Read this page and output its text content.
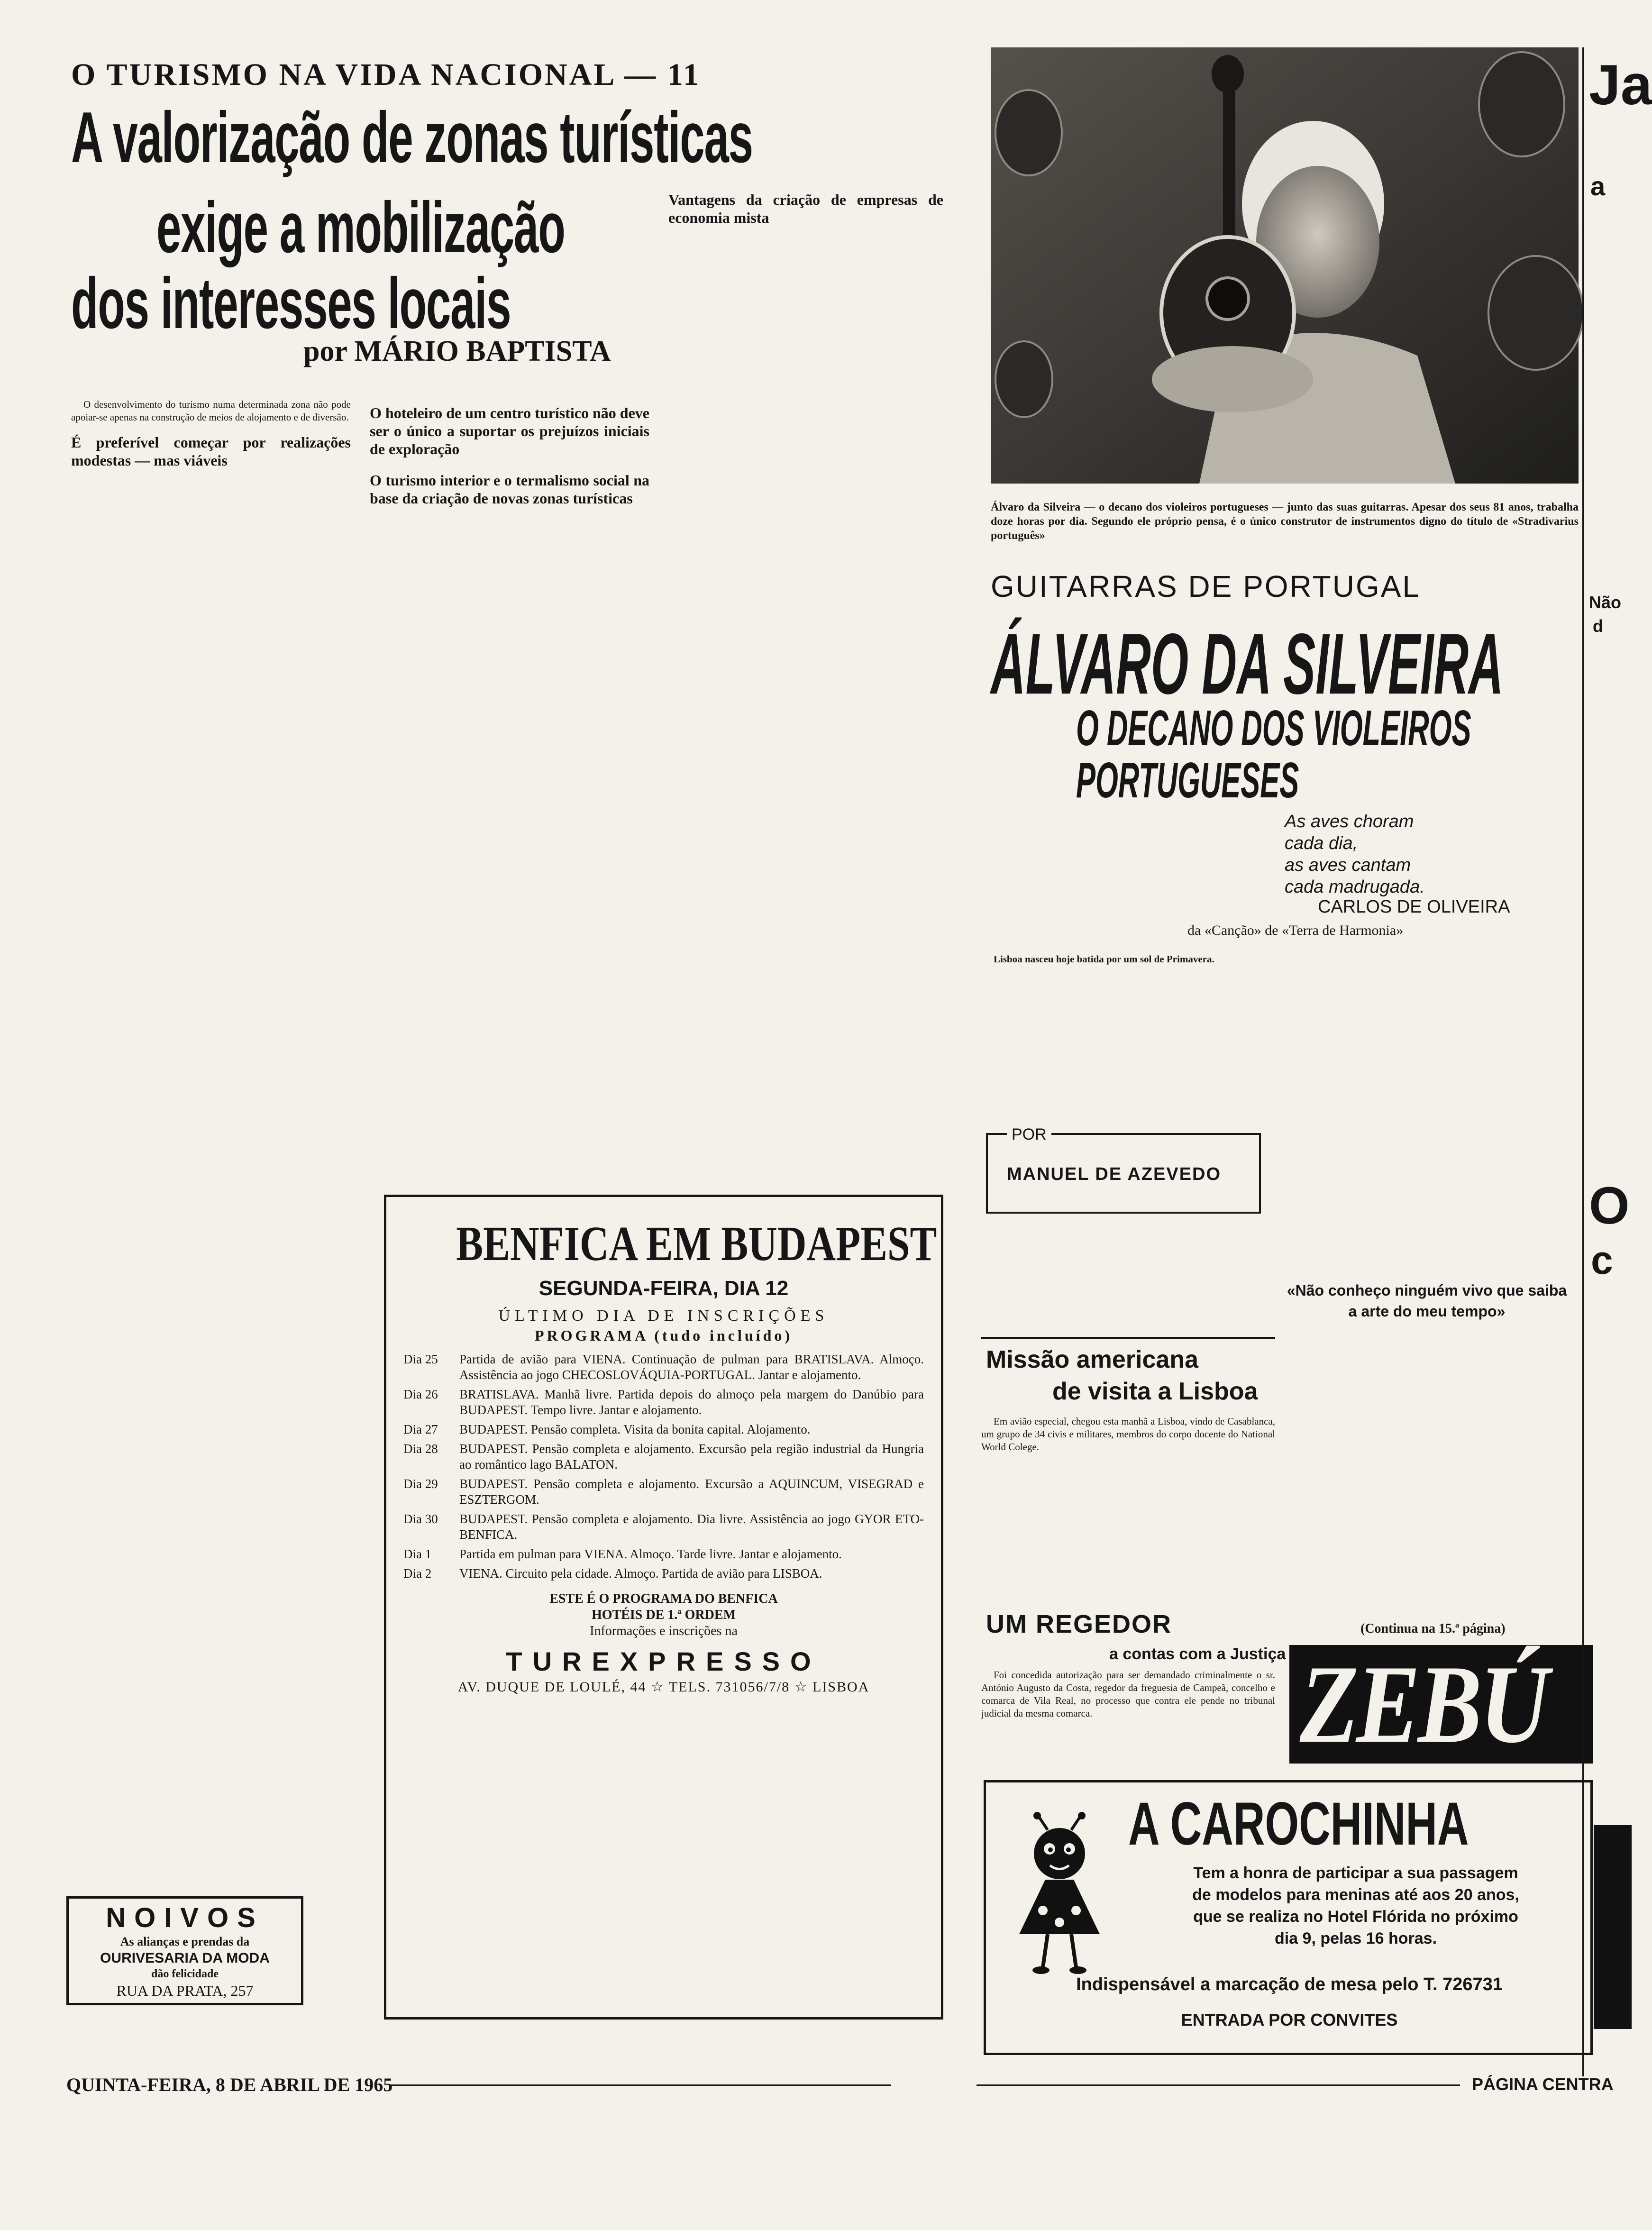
O TURISMO NA VIDA NACIONAL — 11
A valorização de zonas turísticas
exige a mobilização
dos interesses locais
por MÁRIO BAPTISTA

O desenvolvimento do turismo numa determinada zona não pode apoiar-se apenas na construção de meios de alojamento e de diversão.

É preferível começar por realizações modestas — mas viáveis
O hoteleiro de um centro turístico não deve ser o único a suportar os prejuízos iniciais de exploração
O turismo interior e o termalismo social na base da criação de novas zonas turísticas
Vantagens da criação de empresas de economia mista
NOIVOS
As alianças e prendas da
OURIVESARIA DA MODA
dão felicidade
RUA DA PRATA, 257
BENFICA EM BUDAPEST
SEGUNDA-FEIRA, DIA 12
ÚLTIMO DIA DE INSCRIÇÕES
PROGRAMA (tudo incluído)
Dia 25	Partida de avião para VIENA. Continuação de pulman para BRATISLAVA. Almoço. Assistência ao jogo CHECOSLOVÁQUIA-PORTUGAL. Jantar e alojamento.
Dia 26	BRATISLAVA. Manhã livre. Partida depois do almoço pela margem do Danúbio para BUDAPEST. Tempo livre. Jantar e alojamento.
Dia 27	BUDAPEST. Pensão completa. Visita da bonita capital. Alojamento.
Dia 28	BUDAPEST. Pensão completa e alojamento. Excursão pela região industrial da Hungria ao romântico lago BALATON.
Dia 29	BUDAPEST. Pensão completa e alojamento. Excursão a AQUINCUM, VISEGRAD e ESZTERGOM.
Dia 30	BUDAPEST. Pensão completa e alojamento. Dia livre. Assistência ao jogo GYOR ETO-BENFICA.
Dia 1	Partida em pulman para VIENA. Almoço. Tarde livre. Jantar e alojamento.
Dia 2	VIENA. Circuito pela cidade. Almoço. Partida de avião para LISBOA.
ESTE É O PROGRAMA DO BENFICA
HOTÉIS DE 1.ª ORDEM
Informações e inscrições na
TUREXPRESSO
AV. DUQUE DE LOULÉ, 44 ☆ TELS. 731056/7/8 ☆ LISBOA
Álvaro da Silveira — o decano dos violeiros portugueses — junto das suas guitarras. Apesar dos seus 81 anos, trabalha doze horas por dia. Segundo ele próprio pensa, é o único construtor de instrumentos digno do título de «Stradivarius português»
GUITARRAS DE PORTUGAL
ÁLVARO DA SILVEIRA
O DECANO DOS VIOLEIROS
PORTUGUESES
As aves choram
cada dia,
as aves cantam
cada madrugada.
CARLOS DE OLIVEIRA
da «Canção» de «Terra de Harmonia»

Lisboa nasceu hoje batida por um sol de Primavera.

POR
MANUEL DE AZEVEDO
«Não conheço ninguém vivo que saiba a arte do meu tempo»
(Continua na 15.ª página)
Missão americana
de visita a Lisboa

Em avião especial, chegou esta manhã a Lisboa, vindo de Casablanca, um grupo de 34 civis e militares, membros do corpo docente do National World Colege.

UM REGEDOR
a contas com a Justiça

Foi concedida autorização para ser demandado criminalmente o sr. António Augusto da Costa, regedor da freguesia de Campeã, concelho e comarca de Vila Real, no processo que contra ele pende no tribunal judicial da mesma comarca.	ZEBÚ
A CAROCHINHA
Tem a honra de participar a sua passagem
de modelos para meninas até aos 20 anos,
que se realiza no Hotel Flórida no próximo
dia 9, pelas 16 horas.
Indispensável a marcação de mesa pelo T. 726731
ENTRADA POR CONVITES
Ja
a
Não
d
O
c
QUINTA-FEIRA, 8 DE ABRIL DE 1965	PÁGINA CENTRA
